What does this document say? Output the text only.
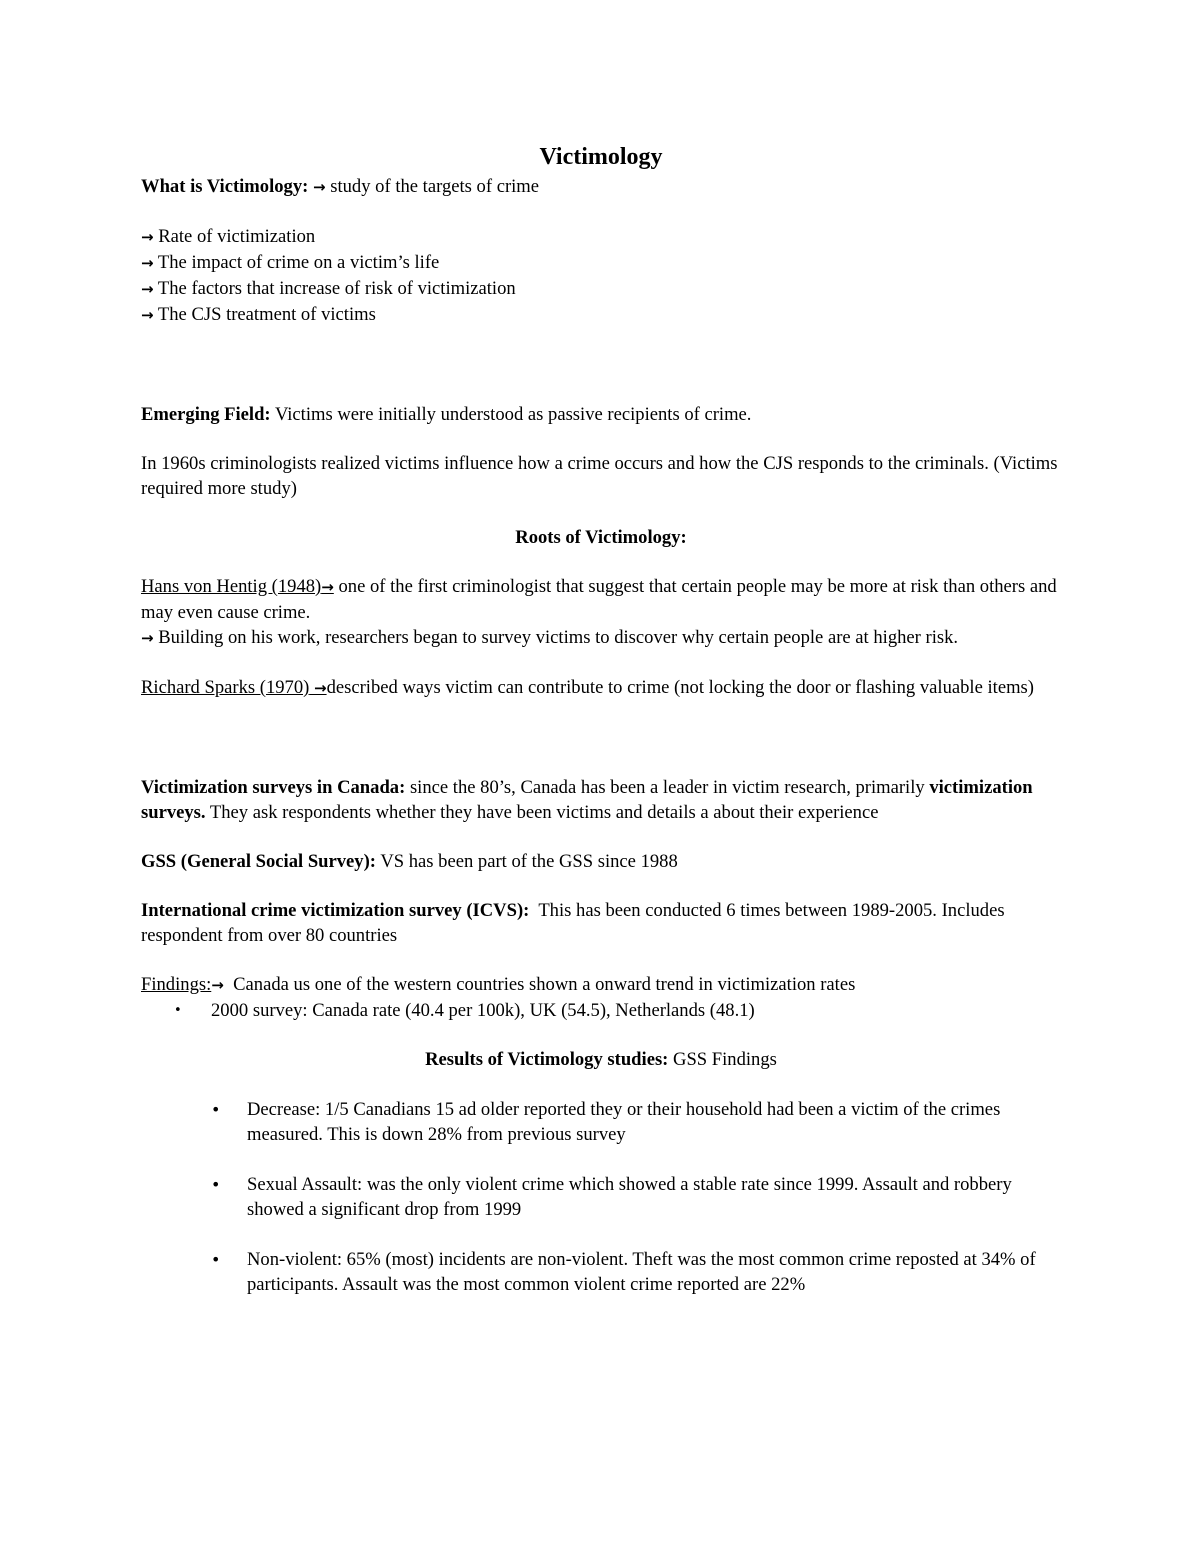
Victimology

What is Victimology: → study of the targets of crime

→ Rate of victimization

→ The impact of crime on a victim’s life

→ The factors that increase of risk of victimization

→ The CJS treatment of victims

Emerging Field: Victims were initially understood as passive recipients of crime.

In 1960s criminologists realized victims influence how a crime occurs and how the CJS responds to the criminals. (Victims required more study)

Roots of Victimology:

Hans von Hentig (1948)→ one of the first criminologist that suggest that certain people may be more at risk than others and may even cause crime.

→ Building on his work, researchers began to survey victims to discover why certain people are at higher risk.

Richard Sparks (1970) →described ways victim can contribute to crime (not locking the door or flashing valuable items)

Victimization surveys in Canada: since the 80’s, Canada has been a leader in victim research, primarily victimization surveys. They ask respondents whether they have been victims and details a about their experience

GSS (General Social Survey): VS has been part of the GSS since 1988

International crime victimization survey (ICVS): This has been conducted 6 times between 1989-2005. Includes respondent from over 80 countries

Findings:→ Canada us one of the western countries shown a onward trend in victimization rates

• 2000 survey: Canada rate (40.4 per 100k), UK (54.5), Netherlands (48.1)

Results of Victimology studies: GSS Findings

• Decrease: 1/5 Canadians 15 ad older reported they or their household had been a victim of the crimes measured. This is down 28% from previous survey
• Sexual Assault: was the only violent crime which showed a stable rate since 1999. Assault and robbery showed a significant drop from 1999
• Non-violent: 65% (most) incidents are non-violent. Theft was the most common crime reposted at 34% of participants. Assault was the most common violent crime reported are 22%
